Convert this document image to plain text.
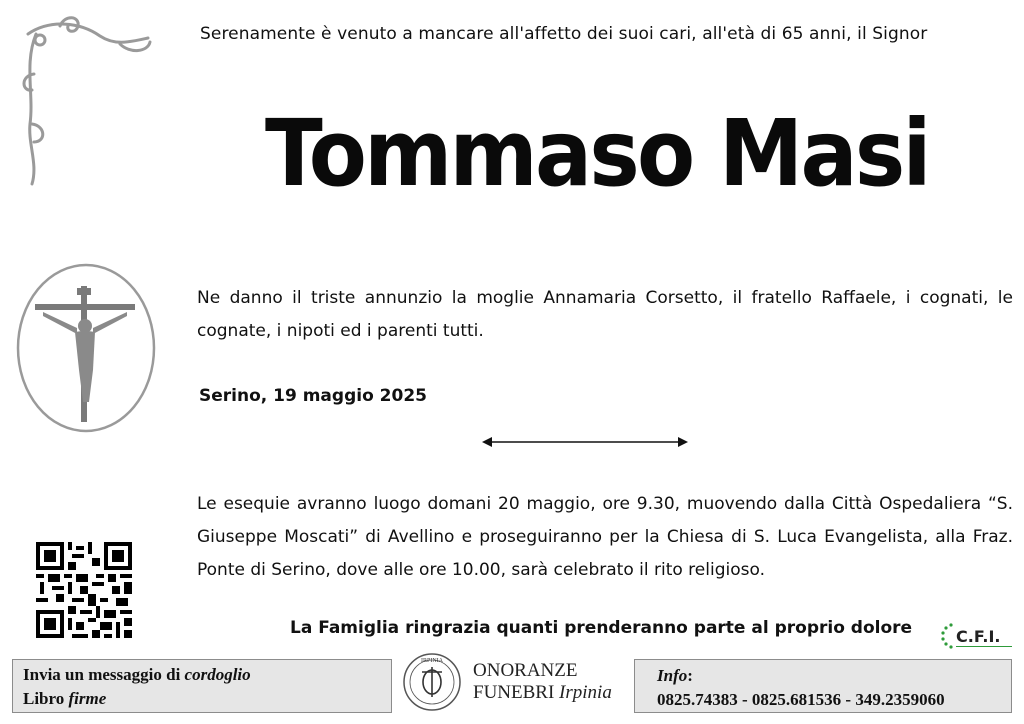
Serenamente è venuto a mancare all'affetto dei suoi cari, all'età di 65 anni, il Signor
Tommaso Masi
Ne danno il triste annunzio la moglie Annamaria Corsetto, il fratello Raffaele, i cognati, le cognate, i nipoti ed i parenti tutti.
Serino, 19 maggio 2025
Le esequie avranno luogo domani 20 maggio, ore 9.30, muovendo dalla Città Ospedaliera “S. Giuseppe Moscati” di Avellino e proseguiranno per la Chiesa di S. Luca Evangelista, alla Fraz. Ponte di Serino, dove alle ore 10.00, sarà celebrato il rito religioso.
La Famiglia ringrazia quanti prenderanno parte al proprio dolore	C.F.I.
Invia un messaggio di cordoglio
Libro firme
IRPINIA ONORANZE
FUNEBRI Irpinia
Info:
0825.74383 - 0825.681536 - 349.2359060
